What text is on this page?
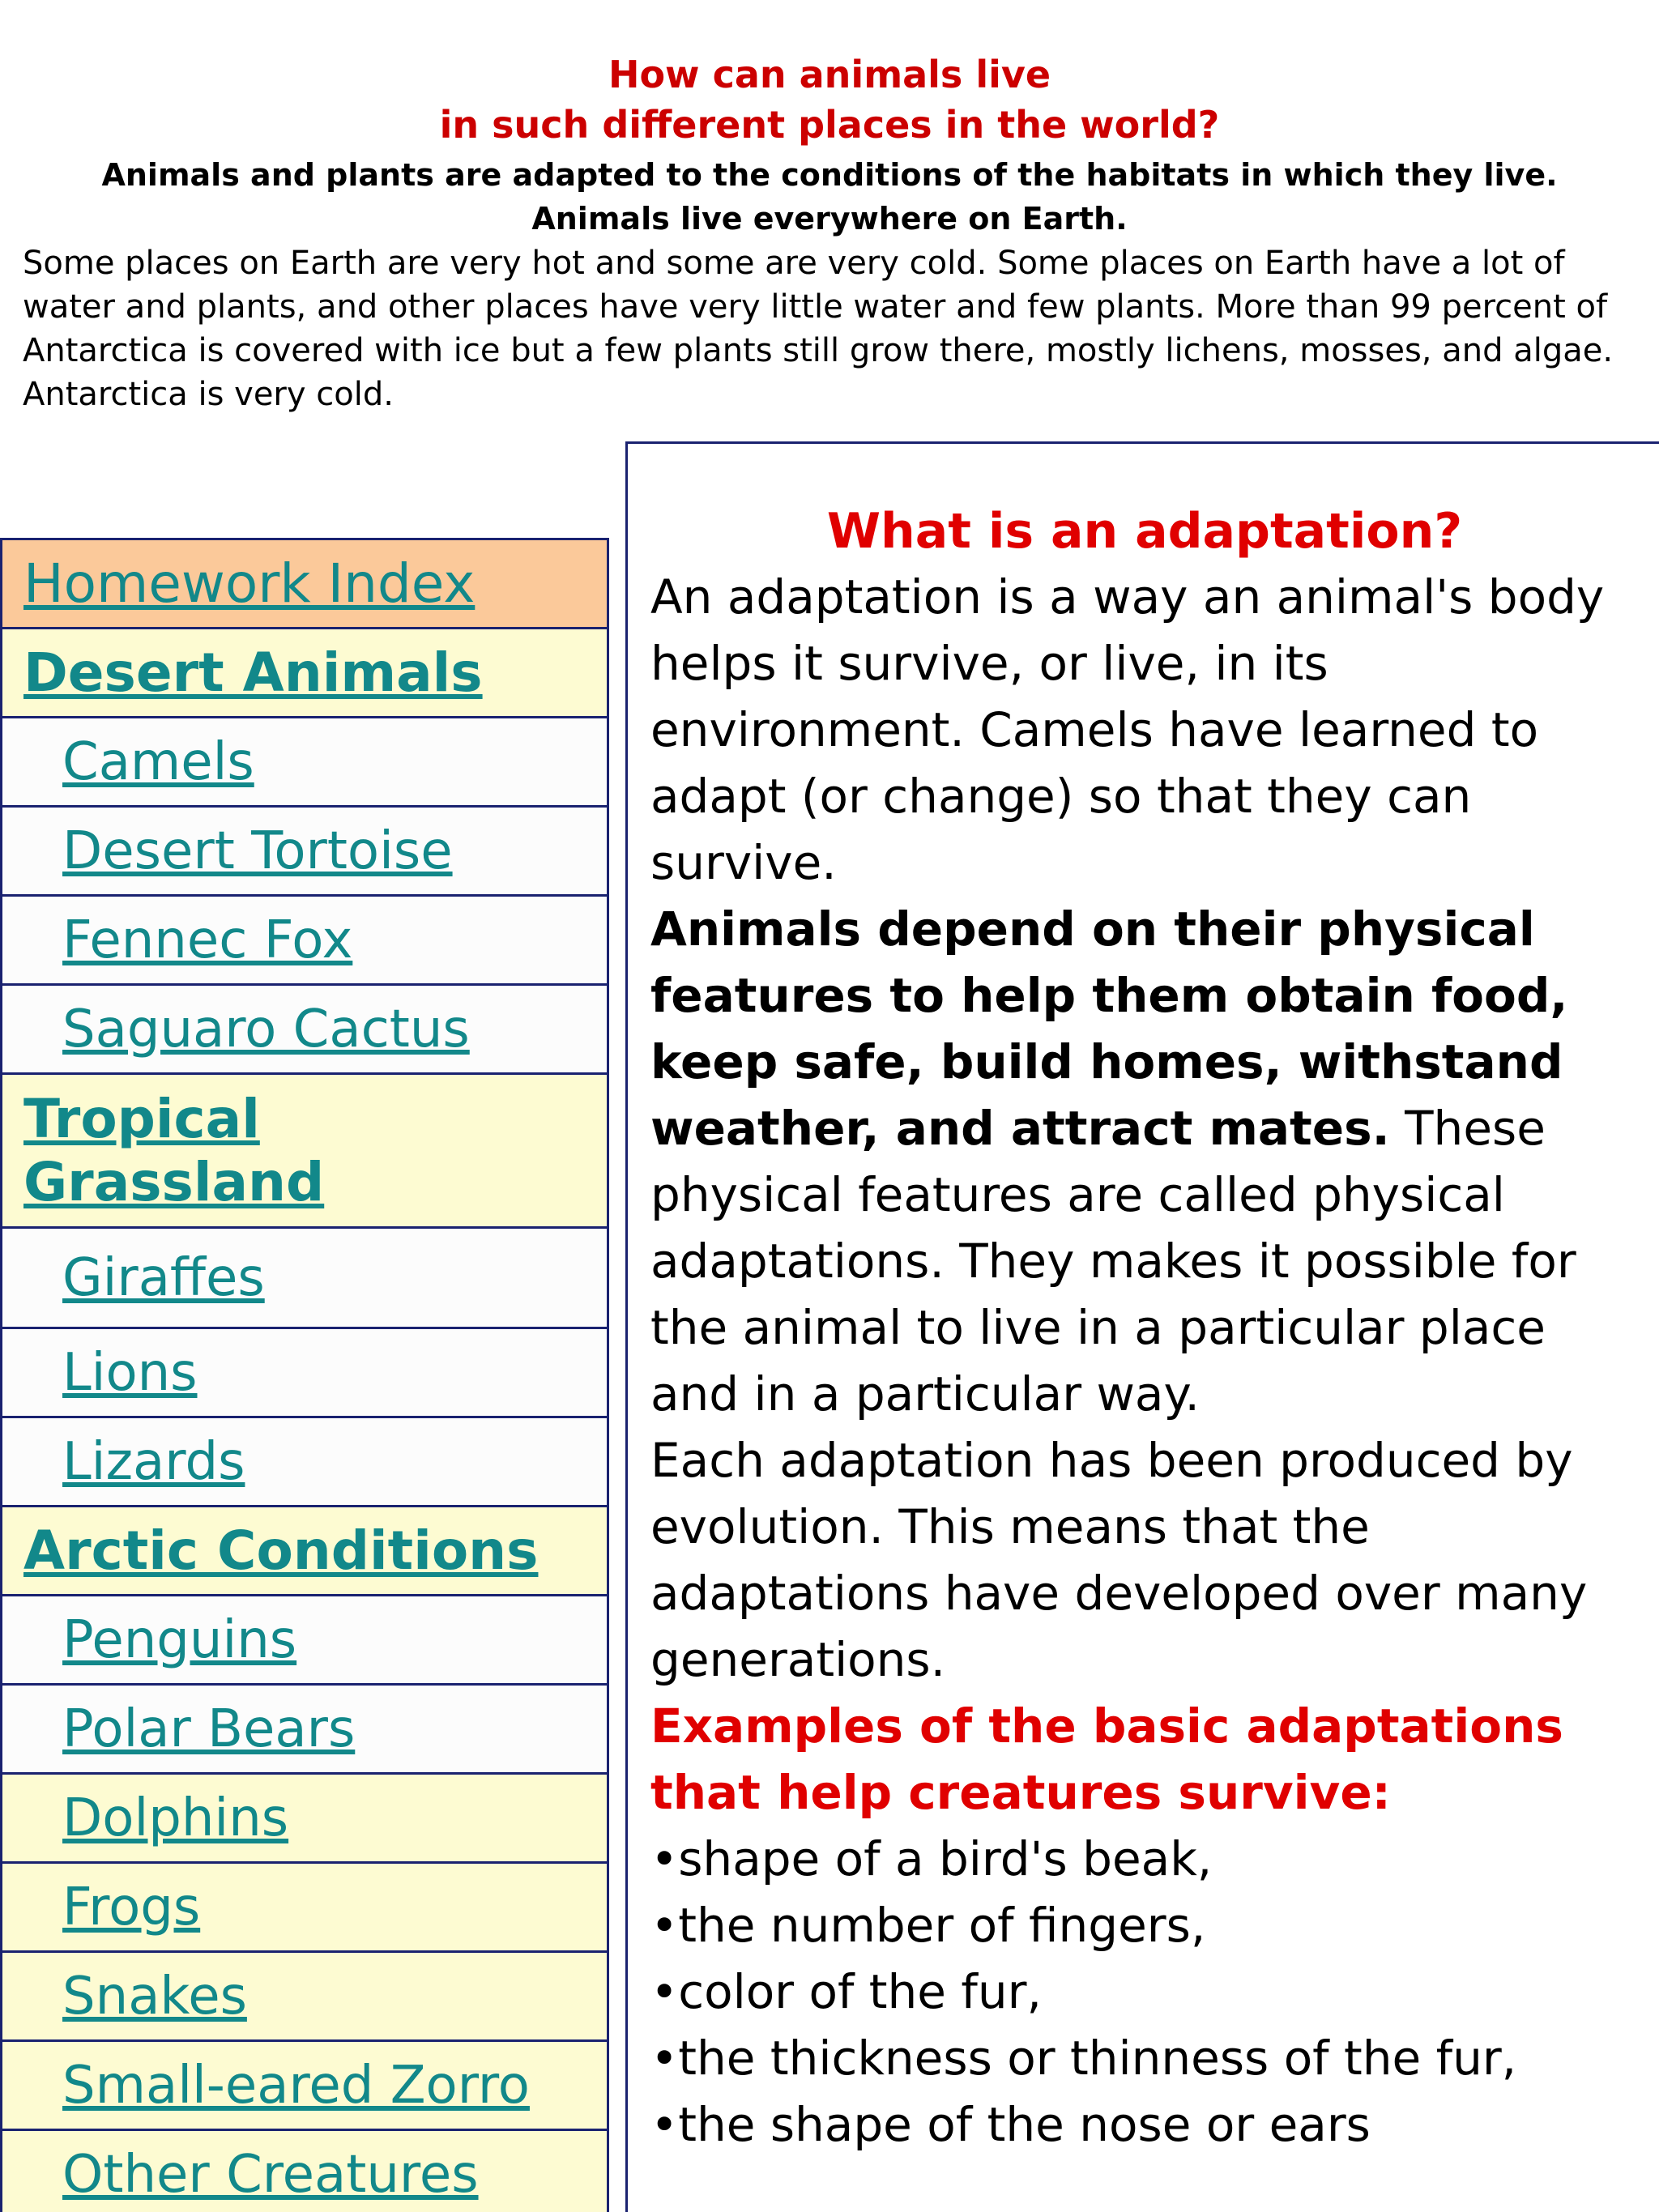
How can animals live
in such different places in the world?
Animals and plants are adapted to the conditions of the habitats in which they live.
Animals live everywhere on Earth.
Some places on Earth are very hot and some are very cold. Some places on Earth have a lot of water and plants, and other places have very little water and few plants. More than 99 percent of Antarctica is covered with ice but a few plants still grow there, mostly lichens, mosses, and algae. Antarctica is very cold.
Homework Index
Desert Animals
Camels
Desert Tortoise
Fennec Fox
Saguaro Cactus
Tropical
Grassland
Giraffes
Lions
Lizards
Arctic Conditions
Penguins
Polar Bears
Dolphins
Frogs
Snakes
Small-eared Zorro
Other Creatures
What is an adaptation?

An adaptation is a way an animal's body helps it survive, or live, in its environment. Camels have learned to adapt (or change) so that they can survive.

Animals depend on their physical features to help them obtain food, keep safe, build homes, withstand weather, and attract mates. These physical features are called physical adaptations. They makes it possible for the animal to live in a particular place and in a particular way.

Each adaptation has been produced by evolution. This means that the adaptations have developed over many generations.

Examples of the basic adaptations that help creatures survive:

•shape of a bird's beak,

•the number of fingers,

•color of the fur,

•the thickness or thinness of the fur,

•the shape of the nose or ears
